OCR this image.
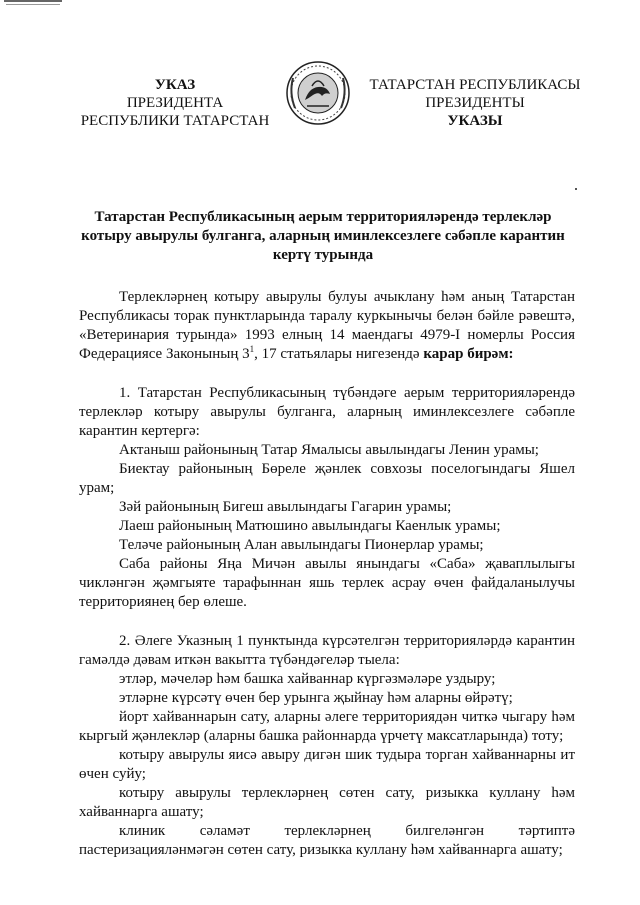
УКАЗ
ПРЕЗИДЕНТА
РЕСПУБЛИКИ ТАТАРСТАН
ТАТАРСТАН РЕСПУБЛИКАСЫ
ПРЕЗИДЕНТЫ
УКАЗЫ
Татарстан Республикасының аерым территорияләрендә терлекләр котыру авырулы булганга, аларның иминлексезлеге сәбәпле карантин кертү турында

Терлекләрнең котыру авырулы булуы ачыклану һәм аның Татарстан Республикасы торак пунктларында таралу куркынычы белән бәйле рәвештә, «Ветеринария турында» 1993 елның 14 маендагы 4979-I номерлы Россия Федерациясе Законының $3^1$, 17 статьялары нигезендә карар бирәм:

1. Татарстан Республикасының түбәндәге аерым территорияләрендә терлекләр котыру авырулы булганга, аларның иминлексезлеге сәбәпле карантин кертергә:

Актаныш районының Татар Ямалысы авылындагы Ленин урамы;

Биектау районының Бөреле җәнлек совхозы поселогындагы Яшел урам;

Зәй районының Бигеш авылындагы Гагарин урамы;

Лаеш районының Матюшино авылындагы Каенлык урамы;

Теләче районының Алан авылындагы Пионерлар урамы;

Саба районы Яңа Мичән авылы янындагы «Саба» җаваплылыгы чикләнгән җәмгыяте тарафыннан яшь терлек асрау өчен файдаланылучы территориянең бер өлеше.

2. Әлеге Указның 1 пунктында күрсәтелгән территорияләрдә карантин гамәлдә дәвам иткән вакытта түбәндәгеләр тыела:

этләр, мәчеләр һәм башка хайваннар күргәзмәләре уздыру;

этләрне күрсәтү өчен бер урынга җыйнау һәм аларны өйрәтү;

йорт хайваннарын сату, аларны әлеге территориядән читкә чыгару һәм кыргый җәнлекләр (аларны башка районнарда үрчетү максатларында) тоту;

котыру авырулы яисә авыру дигән шик тудыра торган хайваннарны ит өчен суйу;

котыру авырулы терлекләрнең сөтен сату, ризыкка куллану һәм хайваннарга ашату;

клиник сәламәт терлекләрнең билгеләнгән тәртиптә пастеризацияләнмәгән сөтен сату, ризыкка куллану һәм хайваннарга ашату;
